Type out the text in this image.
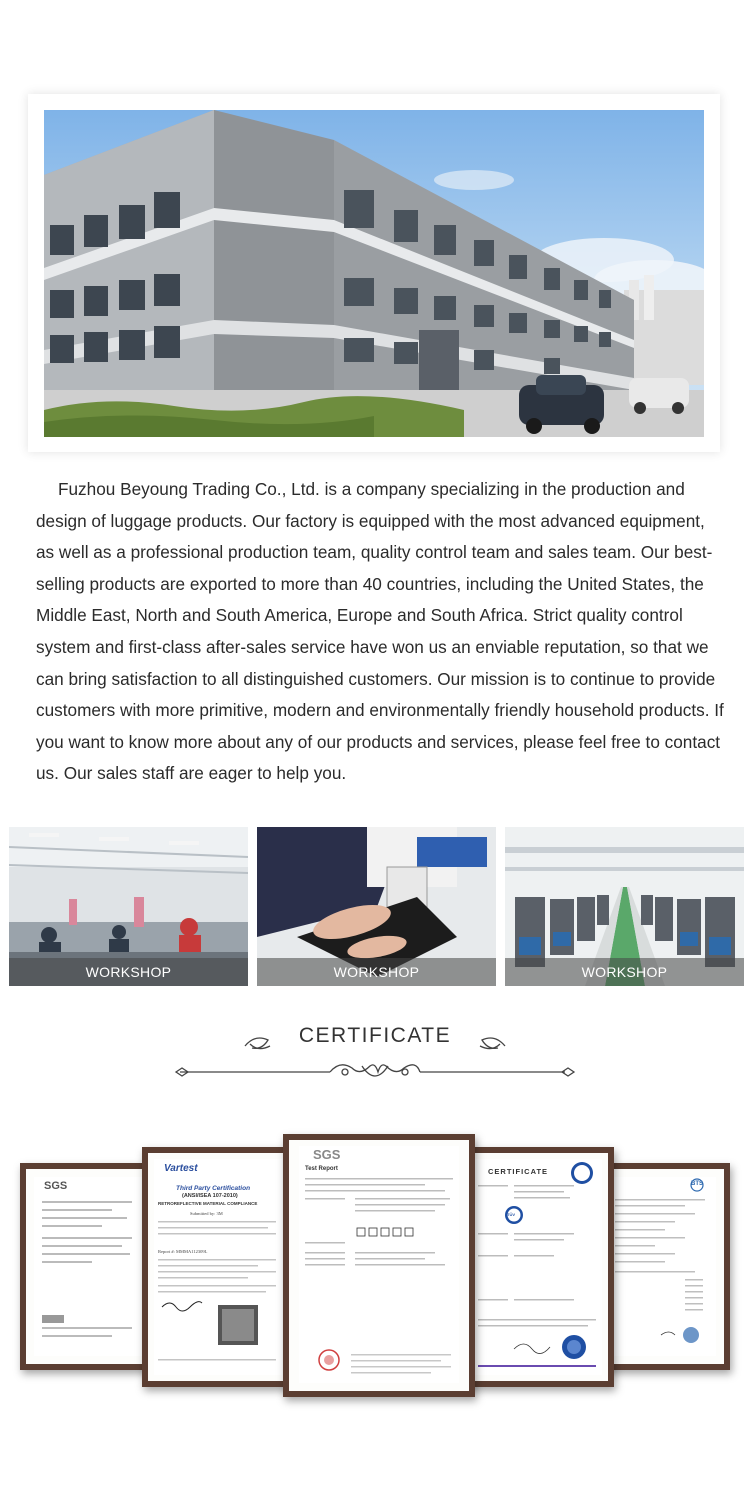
Fuzhou Beyoung Trading Co., Ltd. is a company specializing in the production and design of luggage products. Our factory is equipped with the most advanced equipment, as well as a professional production team, quality control team and sales team. Our best-selling products are exported to more than 40 countries, including the United States, the Middle East, North and South America, Europe and South Africa. Strict quality control system and first-class after-sales service have won us an enviable reputation, so that we can bring satisfaction to all distinguished customers. Our mission is to continue to provide customers with more primitive, modern and environmentally friendly household products. If you want to know more about any of our products and services, please feel free to contact us. Our sales staff are eager to help you.

WORKSHOP	WORKSHOP	WORKSHOP
CERTIFICATE
SGS
Vartest
Third Party Certification
(ANSI/ISEA 107-2010)
RETROREFLECTIVE MATERIAL COMPLIANCE
Submitted by: 3M
Report #: MMMA112309L
SGS
Test Report	CERTIFICATE
TÜV
BTS
